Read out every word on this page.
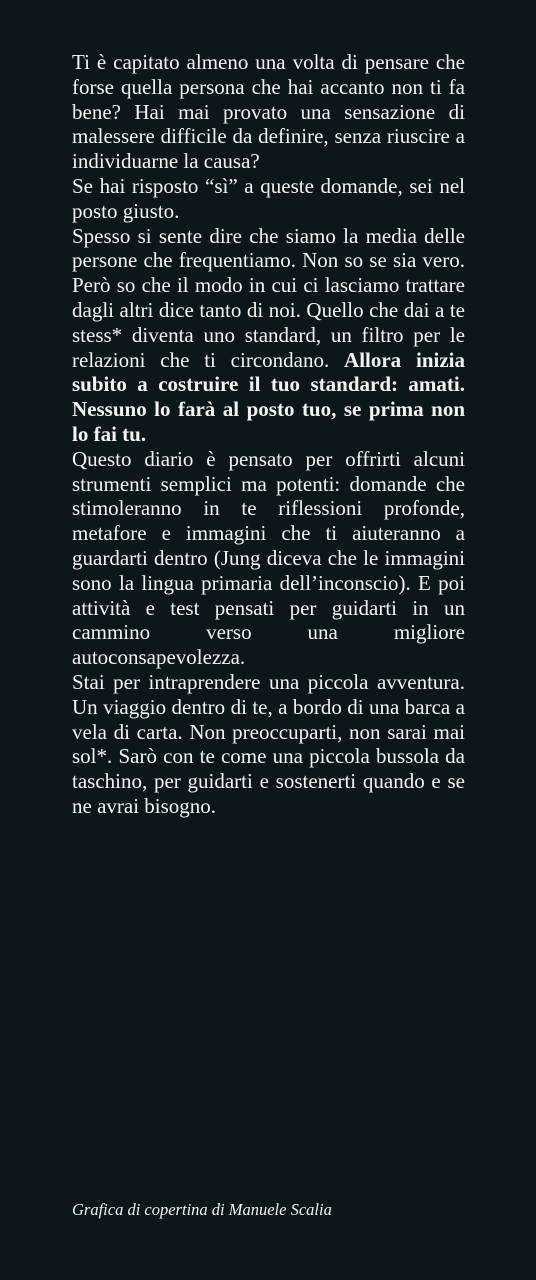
Ti è capitato almeno una volta di pensare che forse quella persona che hai accanto non ti fa bene? Hai mai provato una sensazione di malessere difficile da definire, senza riuscire a individuarne la causa?

Se hai risposto “sì” a queste domande, sei nel posto giusto.

Spesso si sente dire che siamo la media delle persone che frequentiamo. Non so se sia vero. Però so che il modo in cui ci lasciamo trattare dagli altri dice tanto di noi. Quello che dai a te stess* diventa uno standard, un filtro per le relazioni che ti circondano. Allora inizia subito a costruire il tuo standard: amati. Nessuno lo farà al posto tuo, se prima non lo fai tu.

Questo diario è pensato per offrirti alcuni strumenti semplici ma potenti: domande che stimoleranno in te riflessioni profonde, metafore e immagini che ti aiuteranno a guardarti dentro (Jung diceva che le immagini sono la lingua primaria dell’inconscio). E poi attività e test pensati per guidarti in un cammino verso una migliore autoconsapevolezza.

Stai per intraprendere una piccola avventura. Un viaggio dentro di te, a bordo di una barca a vela di carta. Non preoccuparti, non sarai mai sol*. Sarò con te come una piccola bussola da taschino, per guidarti e sostenerti quando e se ne avrai bisogno.

Grafica di copertina di Manuele Scalia
